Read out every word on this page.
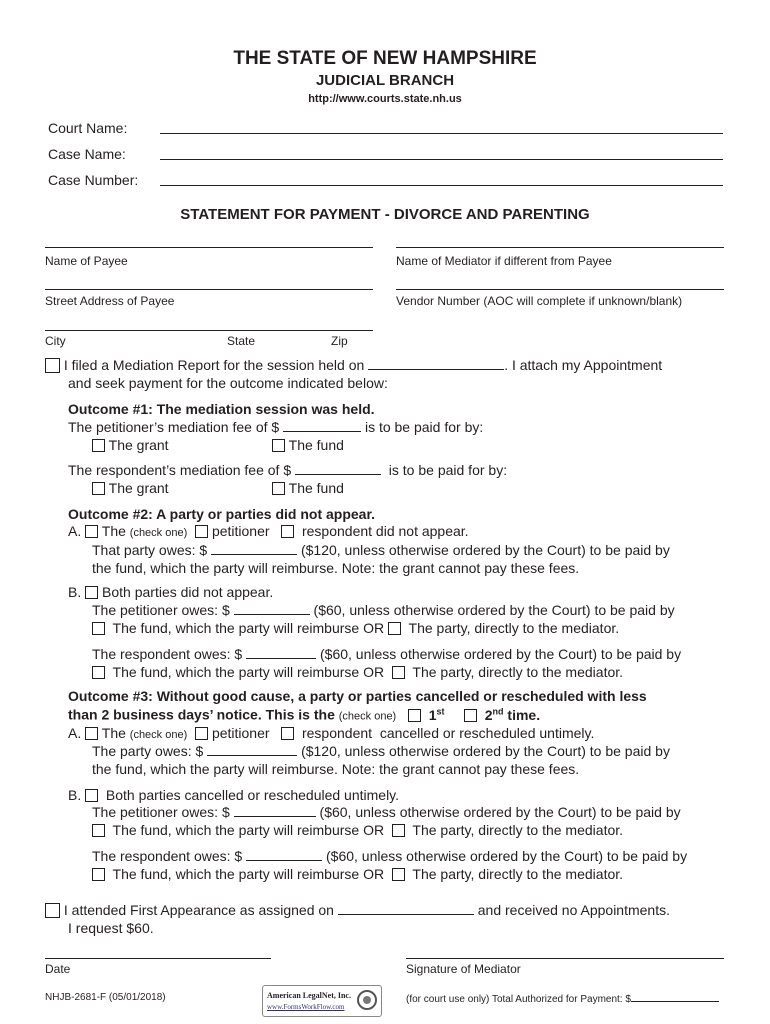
THE STATE OF NEW HAMPSHIRE
JUDICIAL BRANCH
http://www.courts.state.nh.us
Court Name:
Case Name:
Case Number:
STATEMENT FOR PAYMENT - DIVORCE AND PARENTING
Name of Payee	Name of Mediator if different from Payee
Street Address of Payee	Vendor Number (AOC will complete if unknown/blank)
City	State	Zip
I filed a Mediation Report for the session held on	. I attach my Appointment
and seek payment for the outcome indicated below:
Outcome #1: The mediation session was held.
The petitioner’s mediation fee of $	is to be paid for by:
The grant	The fund
The respondent’s mediation fee of $	is to be paid for by:
The grant	The fund
Outcome #2: A party or parties did not appear.
A. The (check one) petitioner respondent did not appear.
That party owes: $	($120, unless otherwise ordered by the Court) to be paid by
the fund, which the party will reimburse. Note: the grant cannot pay these fees.
B. Both parties did not appear.
The petitioner owes: $	($60, unless otherwise ordered by the Court) to be paid by
The fund, which the party will reimburse OR The party, directly to the mediator.
The respondent owes: $	($60, unless otherwise ordered by the Court) to be paid by
The fund, which the party will reimburse OR The party, directly to the mediator.
Outcome #3: Without good cause, a party or parties cancelled or rescheduled with less
than 2 business days’ notice. This is the (check one) 1st	2nd time.
A. The (check one) petitioner respondent cancelled or rescheduled untimely.
The party owes: $	($120, unless otherwise ordered by the Court) to be paid by
the fund, which the party will reimburse. Note: the grant cannot pay these fees.
B. Both parties cancelled or rescheduled untimely.
The petitioner owes: $	($60, unless otherwise ordered by the Court) to be paid by
The fund, which the party will reimburse OR The party, directly to the mediator.
The respondent owes: $	($60, unless otherwise ordered by the Court) to be paid by
The fund, which the party will reimburse OR The party, directly to the mediator.
I attended First Appearance as assigned on	and received no Appointments.
I request $60.
Date	Signature of Mediator
NHJB-2681-F (05/01/2018)	American LegalNet, Inc.
www.FormsWorkFlow.com
(for court use only) Total Authorized for Payment: $
